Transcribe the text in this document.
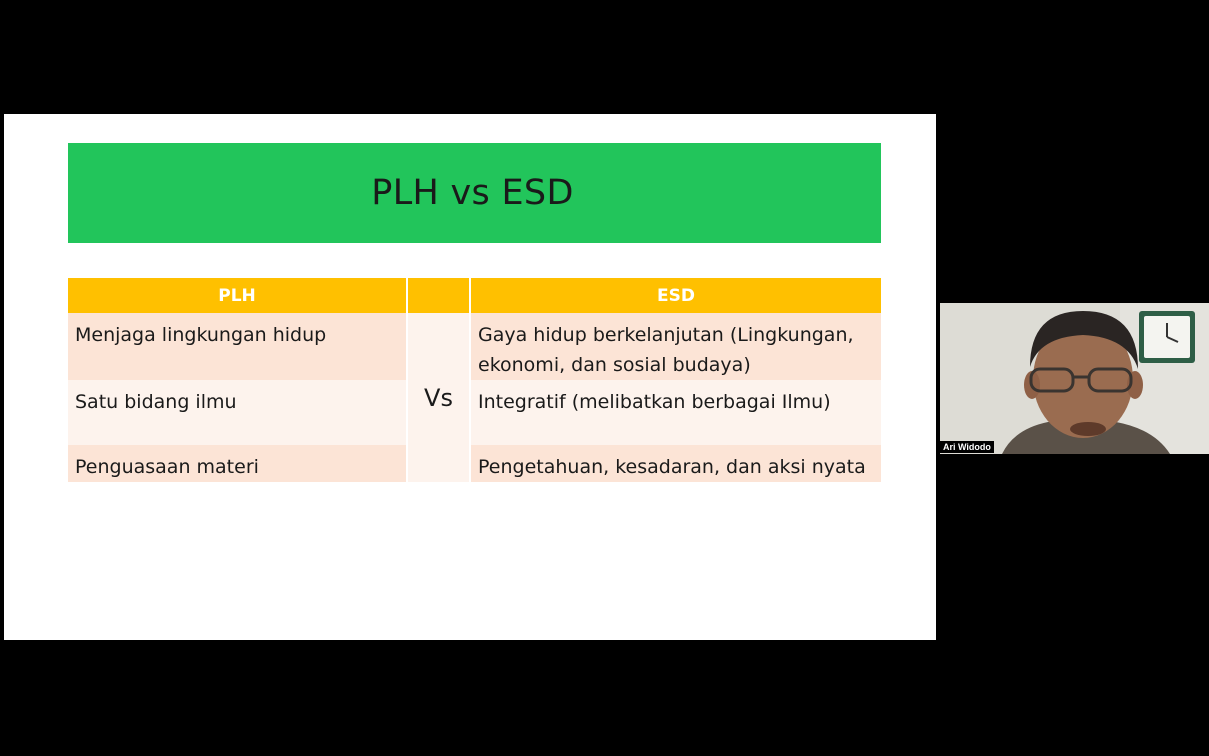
PLH vs ESD
PLH		ESD
Menjaga lingkungan hidup	Vs	Gaya hidup berkelanjutan (Lingkungan, ekonomi, dan sosial budaya)
Satu bidang ilmu		Integratif (melibatkan berbagai Ilmu)
Penguasaan materi		Pengetahuan, kesadaran, dan aksi nyata
Ari Widodo
